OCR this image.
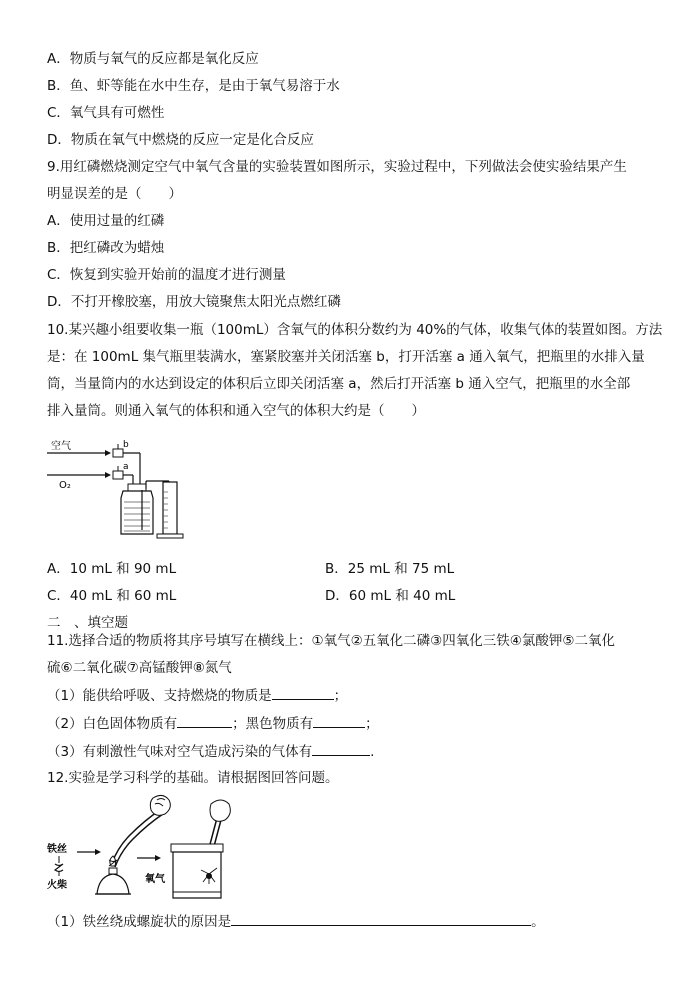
A．物质与氧气的反应都是氧化反应
B．鱼、虾等能在水中生存，是由于氧气易溶于水
C．氧气具有可燃性
D．物质在氧气中燃烧的反应一定是化合反应
9.用红磷燃烧测定空气中氧气含量的实验装置如图所示，实验过程中，下列做法会使实验结果产生
明显误差的是（　　）
A．使用过量的红磷
B．把红磷改为蜡烛
C．恢复到实验开始前的温度才进行测量
D．不打开橡胶塞，用放大镜聚焦太阳光点燃红磷
10.某兴趣小组要收集一瓶（100mL）含氧气的体积分数约为 40%的气体，收集气体的装置如图。方法
是：在 100mL 集气瓶里装满水，塞紧胶塞并关闭活塞 b，打开活塞 a 通入氧气，把瓶里的水排入量
筒，当量筒内的水达到设定的体积后立即关闭活塞 a，然后打开活塞 b 通入空气，把瓶里的水全部
排入量筒。则通入氧气的体积和通入空气的体积大约是（　　）
空气	b
O₂
a
A．10 mL 和 90 mL	B．25 mL 和 75 mL
C．40 mL 和 60 mL	D．60 mL 和 40 mL
二　、填空题
11.选择合适的物质将其序号填写在横线上：①氧气②五氧化二磷③四氧化三铁④氯酸钾⑤二氧化
硫⑥二氧化碳⑦高锰酸钾⑧氮气
（1）能供给呼吸、支持燃烧的物质是	；
（2）白色固体物质有	；黑色物质有	；
（3）有刺激性气味对空气造成污染的气体有	.
12.实验是学习科学的基础。请根据图回答问题。
铁丝
火柴
氧气
（1）铁丝绕成螺旋状的原因是	。
